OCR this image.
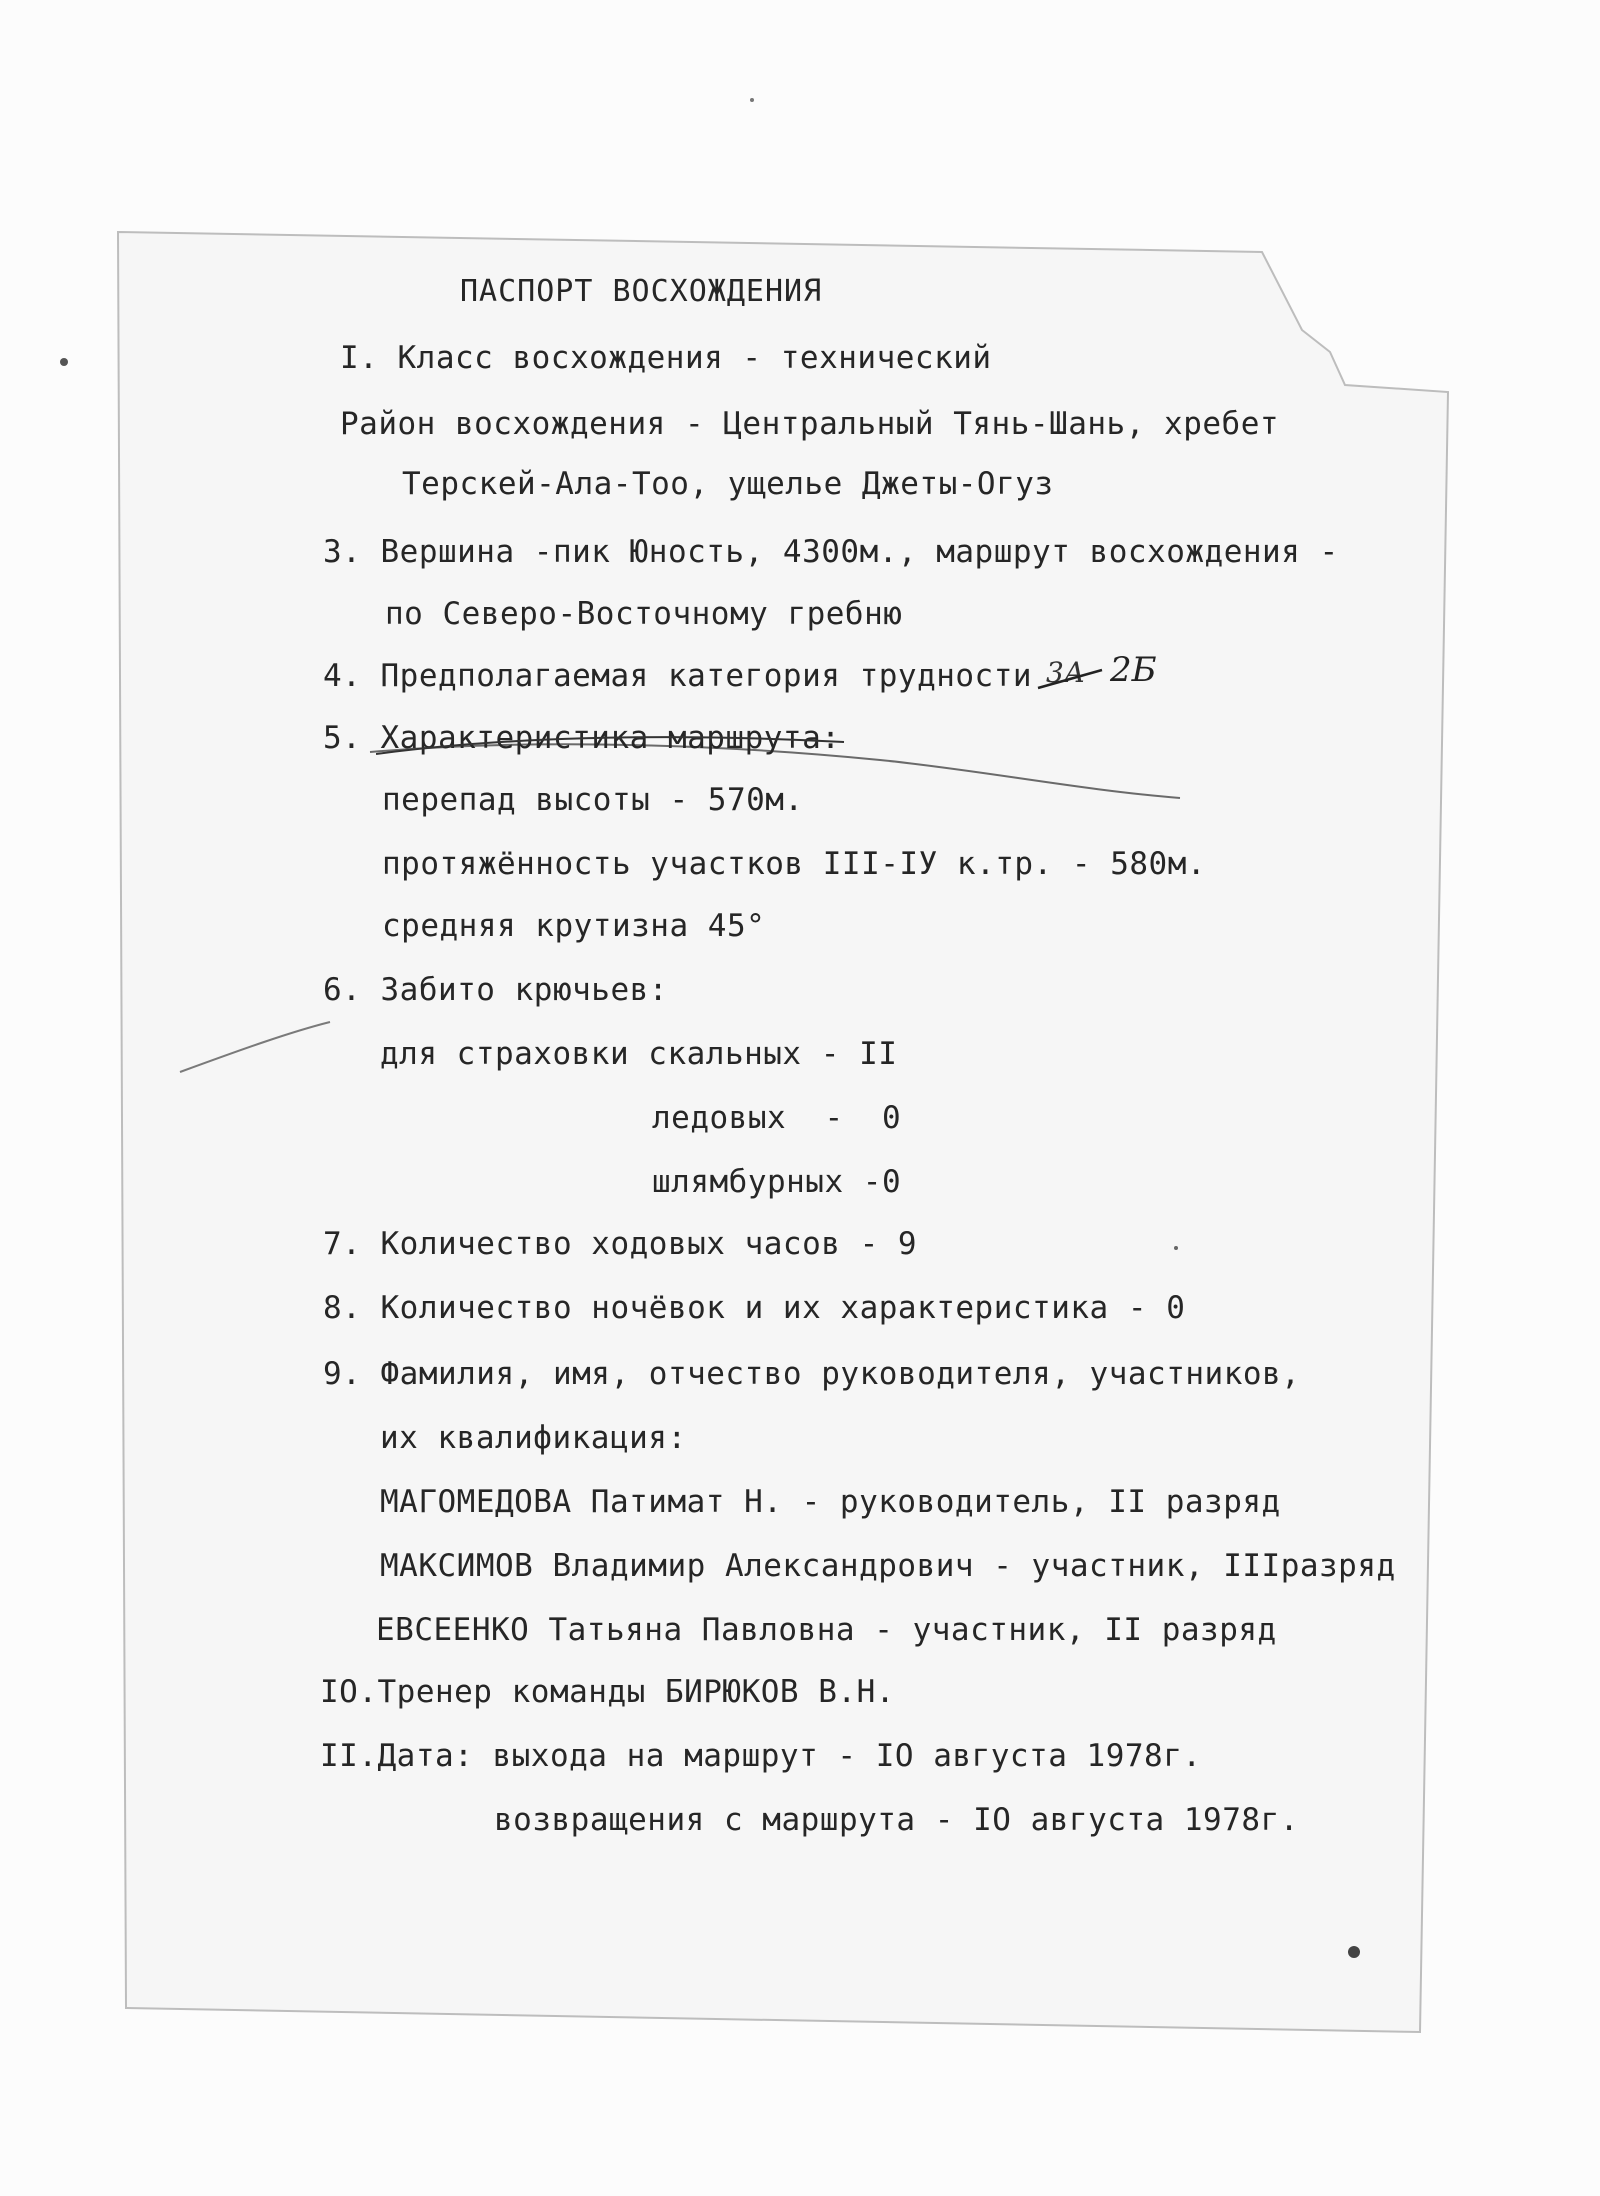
ПАСПОРТ ВОСХОЖДЕНИЯ
I. Класс восхождения - технический
Район восхождения - Центральный Тянь-Шань, хребет
Терскей-Ала-Тоо, ущелье Джеты-Огуз
3. Вершина -пик Юность, 4300м., маршрут восхождения -
по Северо-Восточному гребню
4. Предполагаемая категория трудности 3А 2Б
5. Характеристика маршрута:
перепад высоты - 570м.
протяжённость участков III-IУ к.тр. - 580м.
средняя крутизна 45°
6. Забито крючьев:
для страховки скальных - II
ледовых  -  0
шлямбурных -0
7. Количество ходовых часов - 9
8. Количество ночёвок и их характеристика - 0
9. Фамилия, имя, отчество руководителя, участников,
их квалификация:
МАГОМЕДОВА Патимат Н. - руководитель, II разряд
МАКСИМОВ Владимир Александрович - участник, IIIразряд
ЕВСЕЕНКО Татьяна Павловна - участник, II разряд
IO.Тренер команды БИРЮКОВ В.Н.
II.Дата: выхода на маршрут - IO августа 1978г.
возвращения с маршрута - IO августа 1978г.
